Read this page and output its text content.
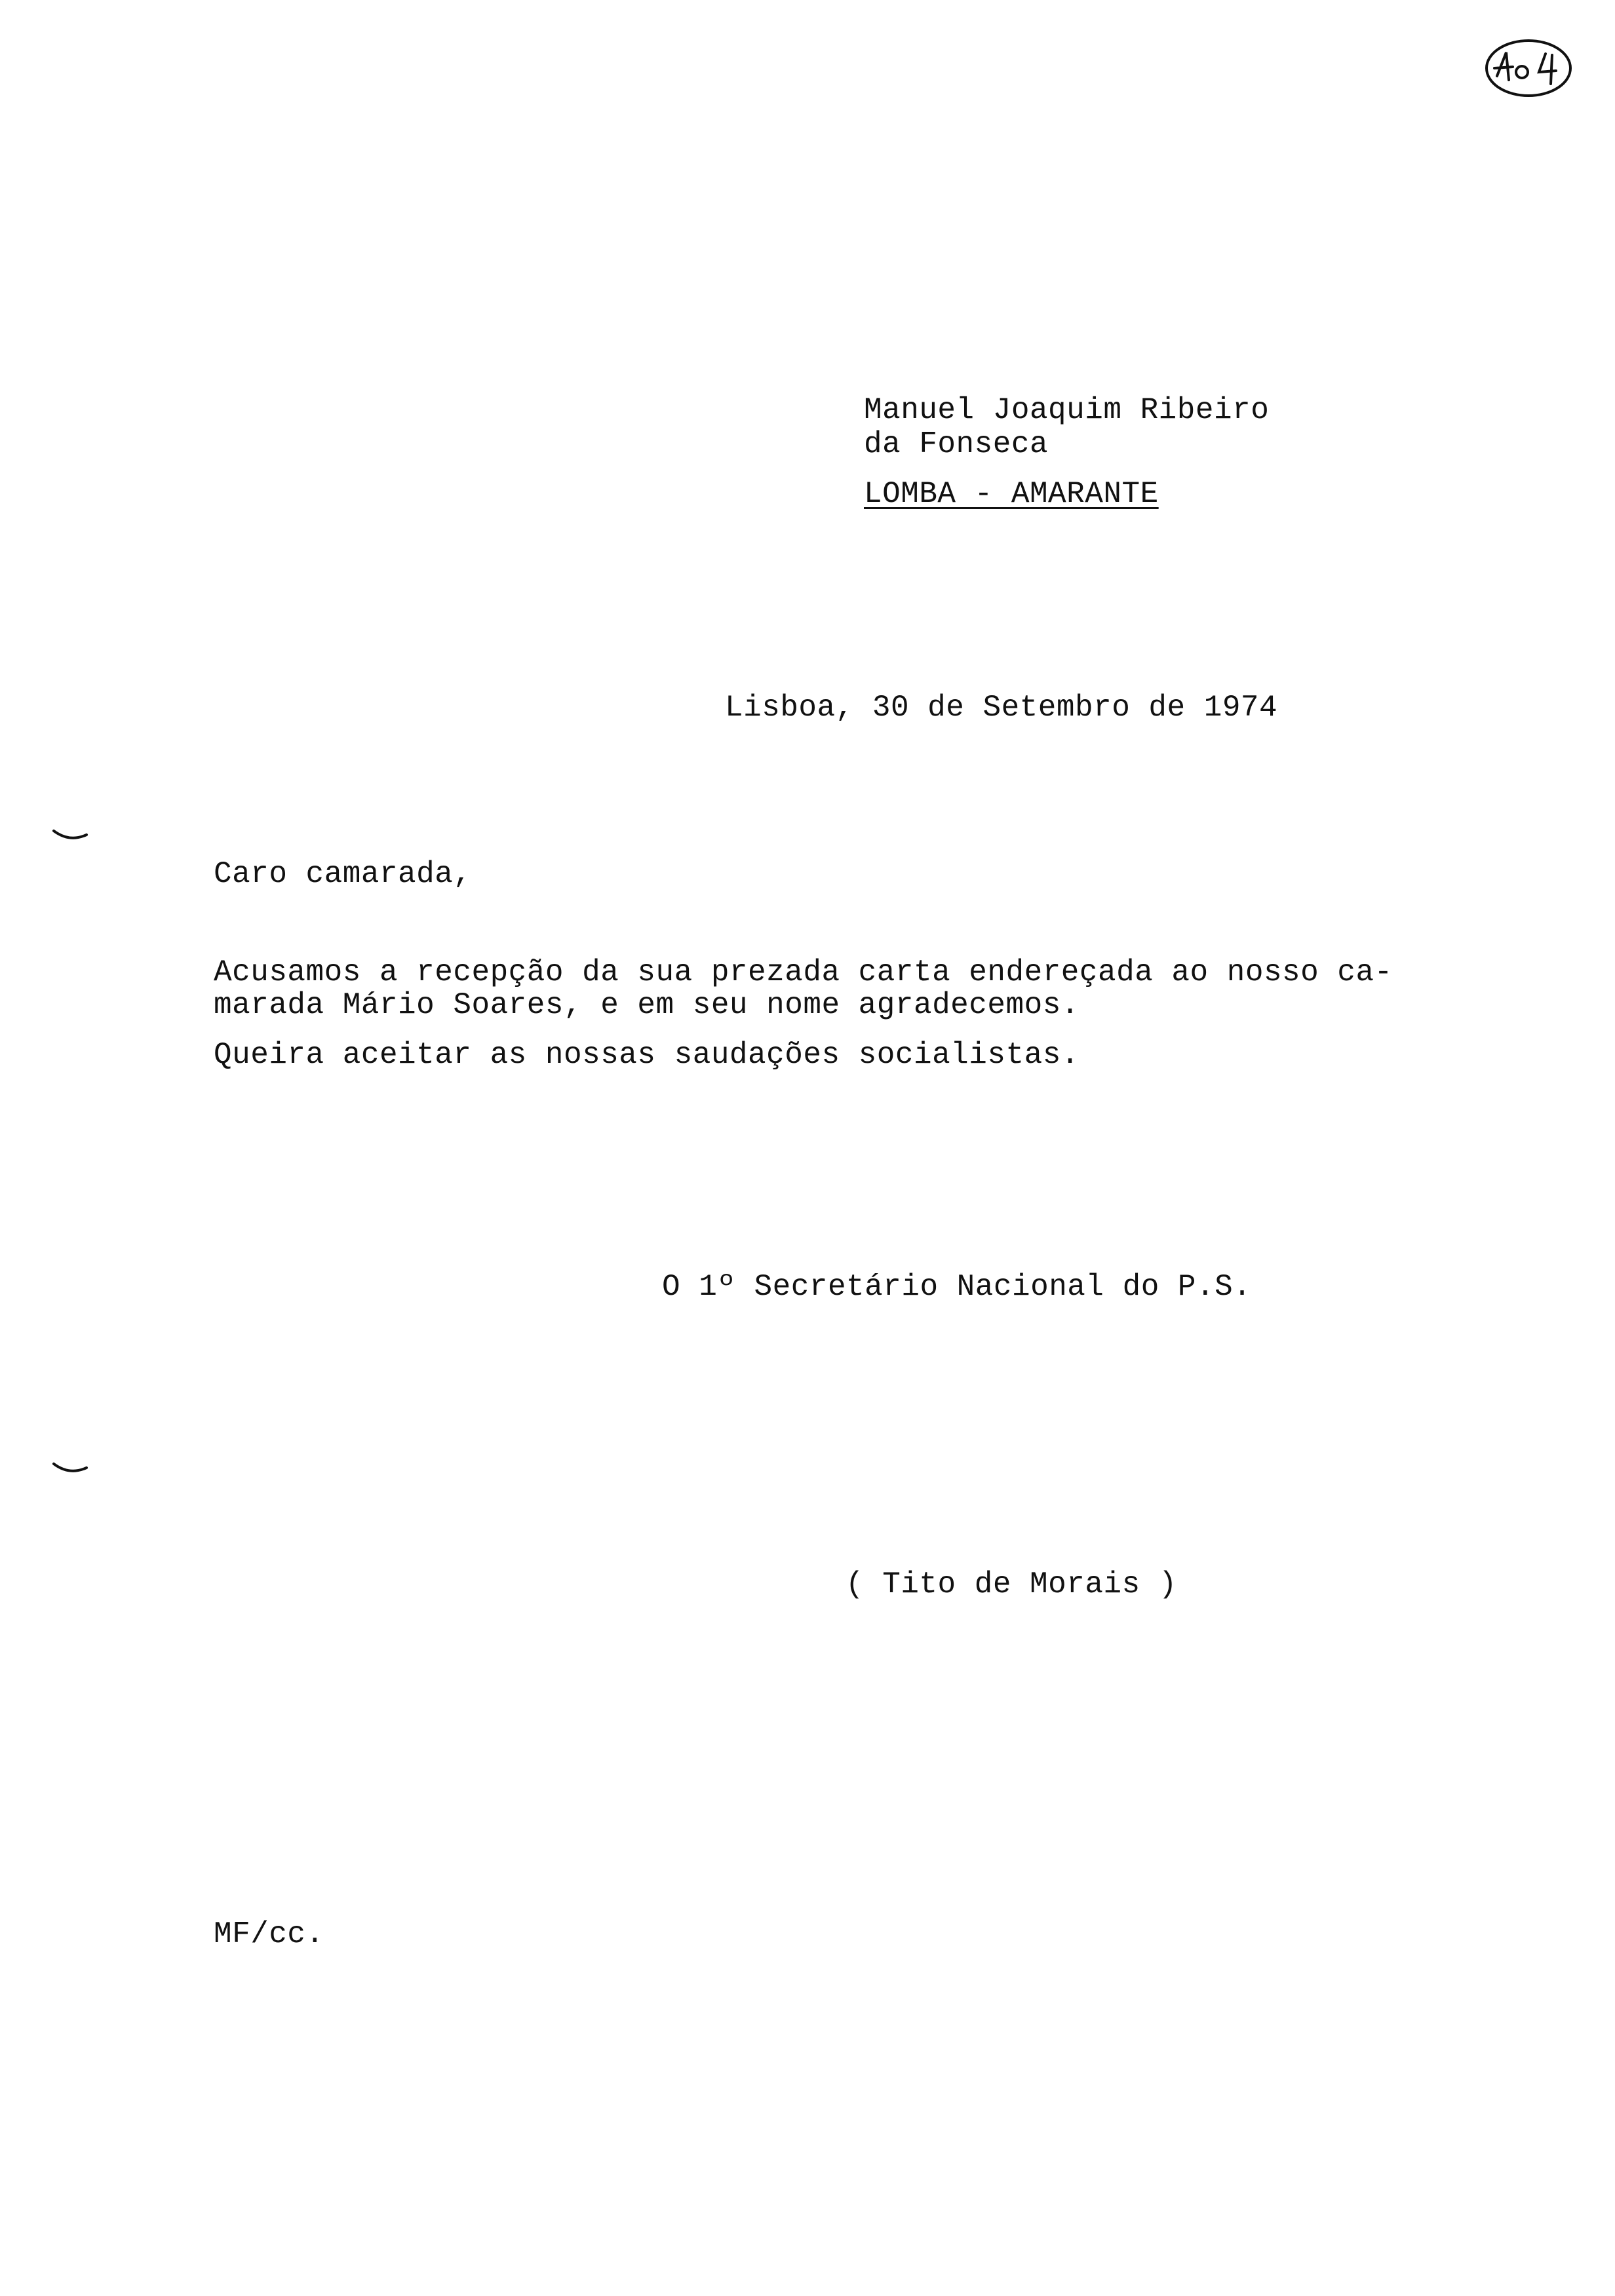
Manuel Joaquim Ribeiro

da Fonseca

LOMBA - AMARANTE

Lisboa, 30 de Setembro de 1974

Caro camarada,

Acusamos a recepção da sua prezada carta endereçada ao nosso ca-

marada Mário Soares, e em seu nome agradecemos.

Queira aceitar as nossas saudações socialistas.

O 1º Secretário Nacional do P.S.

( Tito de Morais )

MF/cc.
